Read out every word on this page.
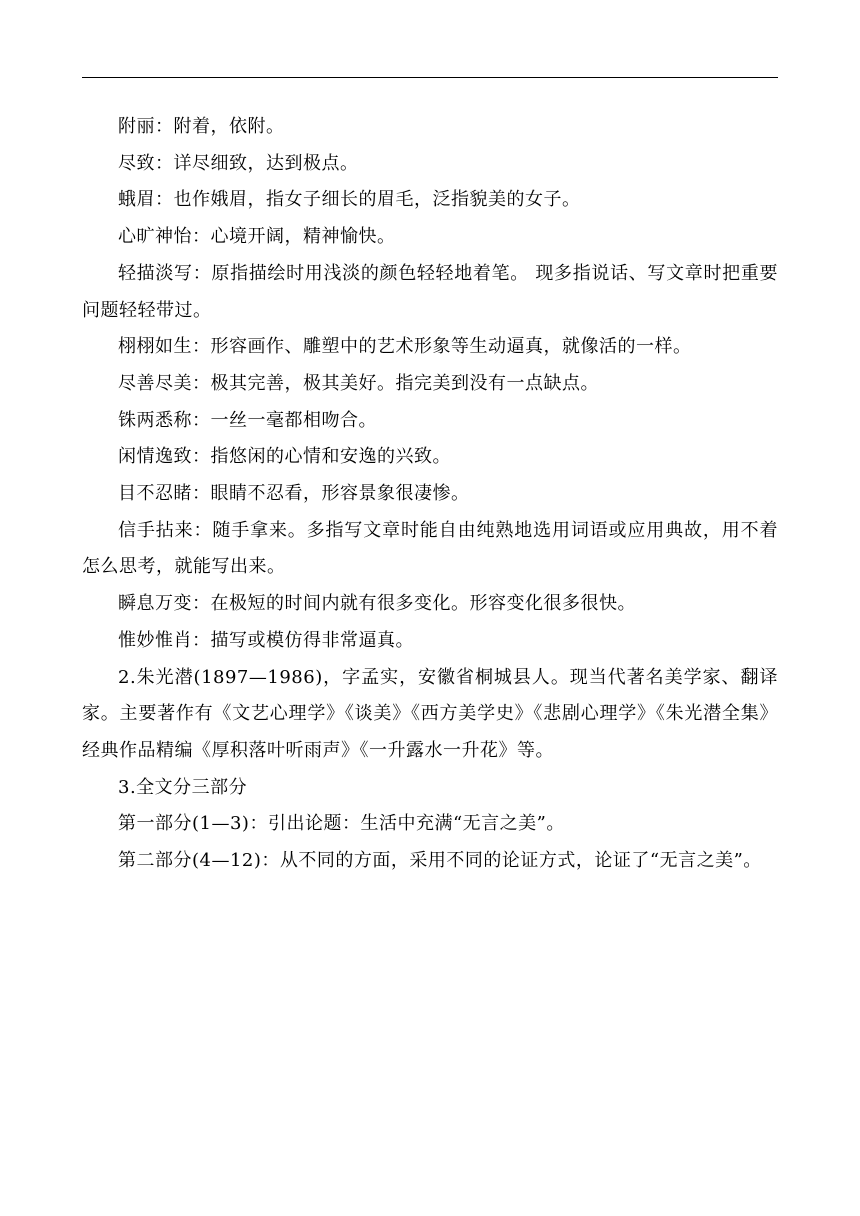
附丽：附着，依附。

尽致：详尽细致，达到极点。

蛾眉：也作娥眉，指女子细长的眉毛，泛指貌美的女子。

心旷神怡：心境开阔，精神愉快。

轻描淡写：原指描绘时用浅淡的颜色轻轻地着笔。 现多指说话、写文章时把重要问题轻轻带过。

栩栩如生：形容画作、雕塑中的艺术形象等生动逼真，就像活的一样。

尽善尽美：极其完善，极其美好。指完美到没有一点缺点。

铢两悉称：一丝一毫都相吻合。

闲情逸致：指悠闲的心情和安逸的兴致。

目不忍睹：眼睛不忍看，形容景象很凄惨。

信手拈来：随手拿来。多指写文章时能自由纯熟地选用词语或应用典故，用不着怎么思考，就能写出来。

瞬息万变：在极短的时间内就有很多变化。形容变化很多很快。

惟妙惟肖：描写或模仿得非常逼真。

2.朱光潜(1897—1986)，字孟实，安徽省桐城县人。现当代著名美学家、翻译家。主要著作有《文艺心理学》《谈美》《西方美学史》《悲剧心理学》《朱光潜全集》经典作品精编《厚积落叶听雨声》《一升露水一升花》等。

3.全文分三部分

第一部分(1—3)：引出论题：生活中充满“无言之美”。

第二部分(4—12)：从不同的方面，采用不同的论证方式，论证了“无言之美”。
